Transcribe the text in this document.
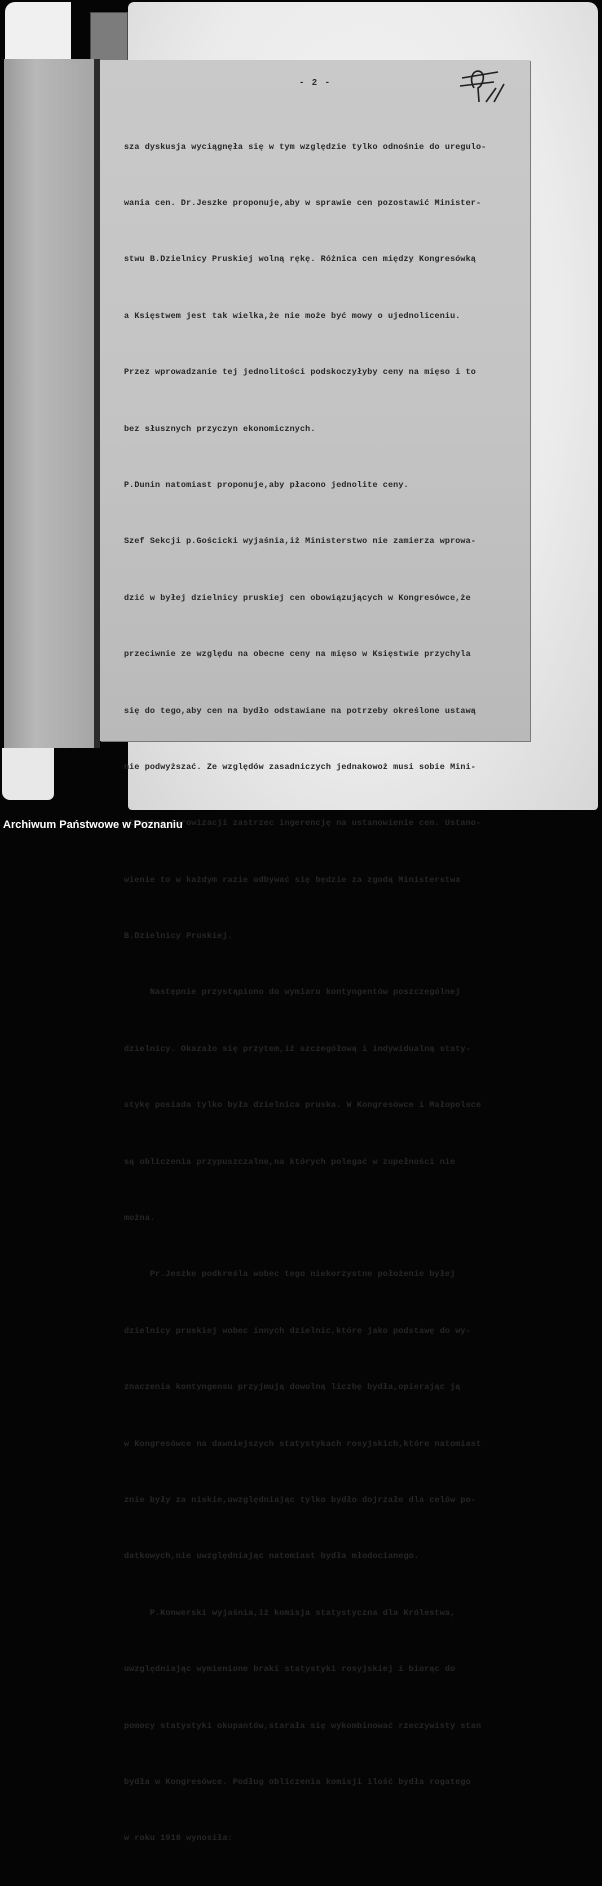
- 2 -

sza dyskusja wyciągnęła się w tym względzie tylko odnośnie do uregulo-

wania cen. Dr.Jeszke proponuje,aby w sprawie cen pozostawić Minister-

stwu B.Dzielnicy Pruskiej wolną rękę. Różnica cen między Kongresówką

a Księstwem jest tak wielka,że nie może być mowy o ujednoliceniu.

Przez wprowadzanie tej jednolitości podskoczyłyby ceny na mięso i to

bez słusznych przyczyn ekonomicznych.

P.Dunin natomiast proponuje,aby płacono jednolite ceny.

Szef Sekcji p.Gościcki wyjaśnia,iż Ministerstwo nie zamierza wprowa-

dzić w byłej dzielnicy pruskiej cen obowiązujących w Kongresówce,że

przeciwnie ze względu na obecne ceny na mięso w Księstwie przychyla

się do tego,aby cen na bydło odstawiane na potrzeby określone ustawą

nie podwyższać. Ze względów zasadniczych jednakowoż musi sobie Mini-

sterstwo Aprowizacji zastrzec ingerencję na ustanowienie cen. Ustano-

wienie to w każdym razie odbywać się będzie za zgodą Ministerstwa

B.Dzielnicy Pruskiej.

Następnie przystąpiono do wymiaru kontyngentów poszczególnej

dzielnicy. Okazało się przytem,iż szczegółową i indywidualną staty-

stykę posiada tylko była dzielnica pruska. W Kongresówce i Małopolsce

są obliczenia przypuszczalne,na których polegać w zupełności nie

można.

Pr.Jeszke podkreśla wobec tego niekorzystne położenie byłej

dzielnicy pruskiej wobec innych dzielnic,które jako podstawę do wy-

znaczenia kontyngensu przyjmują dowolną liczbę bydła,opierając ją

w Kongresówce na dawniejszych statystykach rosyjskich,które natomiast

znie były za niskie,uwzględniając tylko bydło dojrzałe dla celów po-

datkowych,nie uwzględniając natomiast bydła młodocianego.

P.Konwerski wyjaśnia,iż komisja statystyczna dla Królestwa,

uwzględniając wymienione braki statystyki rosyjskiej i biorąc do

pomocy statystyki okupantów,starała się wykombinować rzeczywisty stan

bydła w Kongresówce. Podług obliczenia komisji ilość bydła rogatego

w roku 1918 wynosiła:

Archiwum Państwowe w Poznaniu
